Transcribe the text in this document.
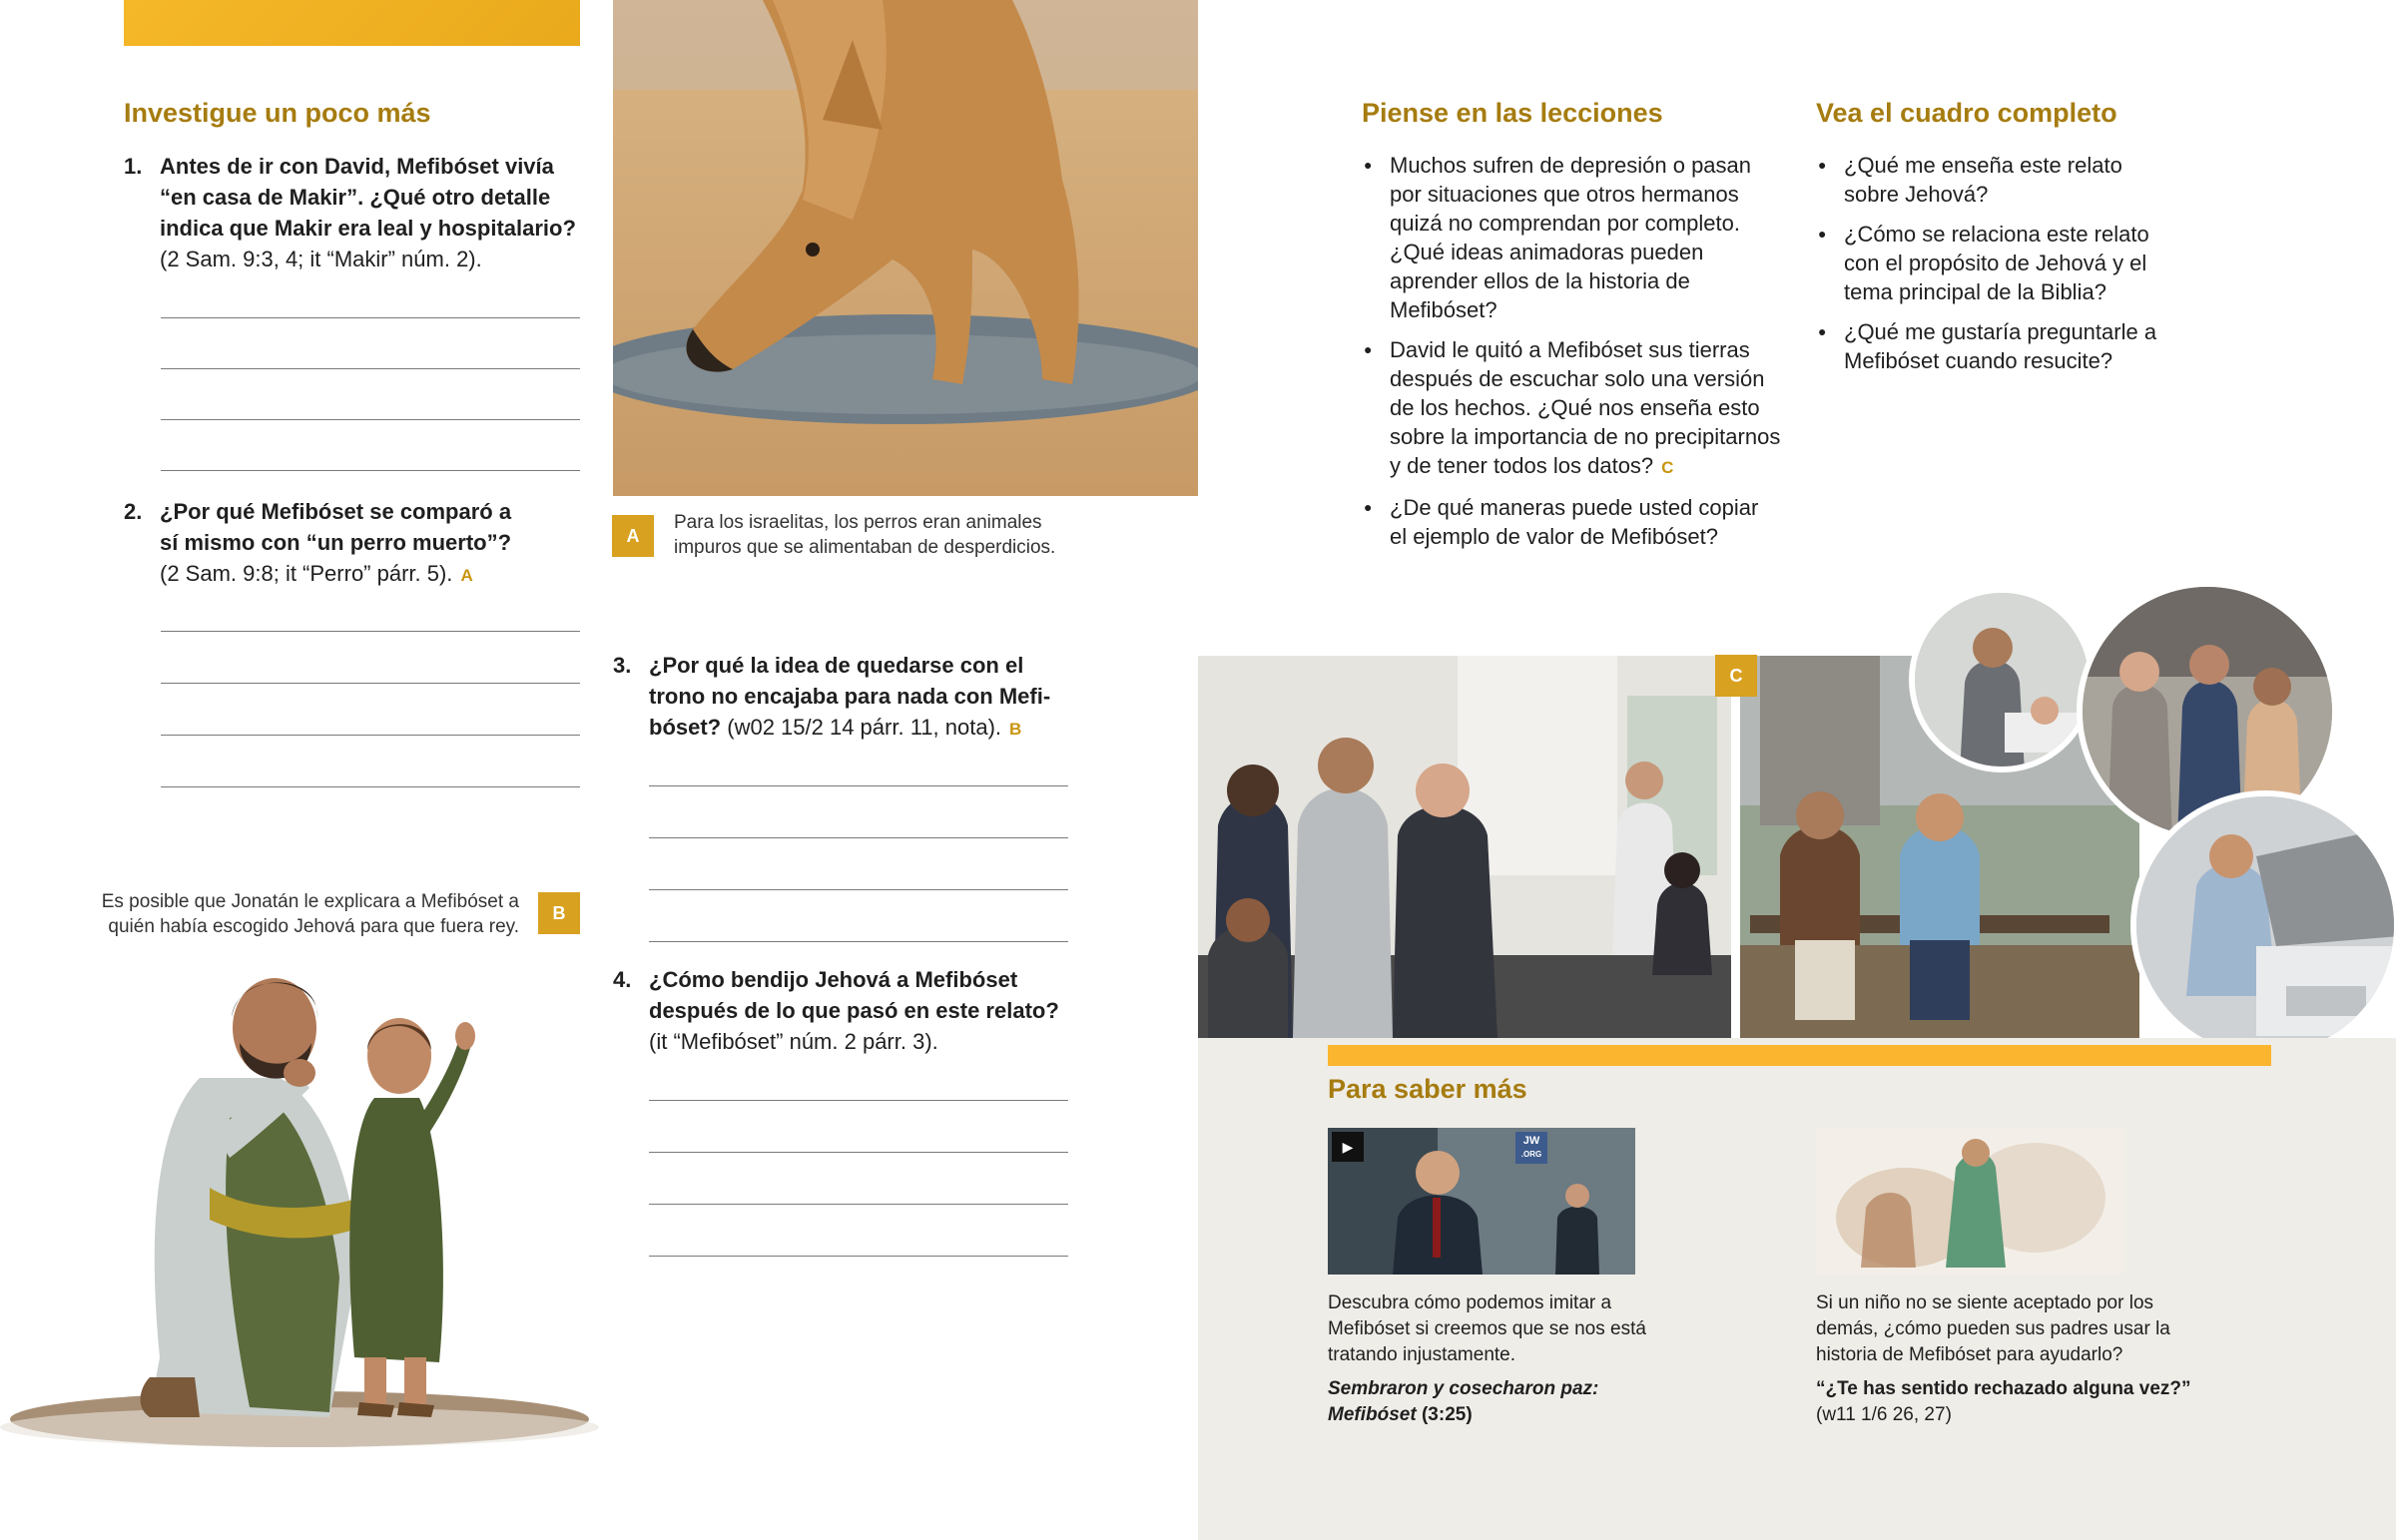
Investigue un poco más
1. Antes de ir con David, Mefibóset vivía “en casa de Makir”. ¿Qué otro detalle indica que Makir era leal y hospitalario? (2 Sam. 9:3, 4; it “Makir” núm. 2).
2. ¿Por qué Mefibóset se comparó a sí mismo con “un perro muerto”? (2 Sam. 9:8; it “Perro” párr. 5). A
Es posible que Jonatán le explicara a Mefibóset a quién había escogido Jehová para que fuera rey.
B
A
Para los israelitas, los perros eran animales impuros que se alimentaban de desperdicios.
3. ¿Por qué la idea de quedarse con el trono no encajaba para nada con Mefi-bóset? (w02 15/2 14 párr. 11, nota). B
4. ¿Cómo bendijo Jehová a Mefibóset después de lo que pasó en este relato? (it “Mefibóset” núm. 2 párr. 3).
Piense en las lecciones
● Muchos sufren de depresión o pasan por situaciones que otros hermanos quizá no comprendan por completo. ¿Qué ideas animadoras pueden aprender ellos de la historia de Mefibóset?
● David le quitó a Mefibóset sus tierras después de escuchar solo una versión de los hechos. ¿Qué nos enseña esto sobre la importancia de no precipitarnos y de tener todos los datos? C
● ¿De qué maneras puede usted copiar el ejemplo de valor de Mefibóset?
Vea el cuadro completo
● ¿Qué me enseña este relato sobre Jehová?
● ¿Cómo se relaciona este relato con el propósito de Jehová y el tema principal de la Biblia?
● ¿Qué me gustaría preguntarle a Mefibóset cuando resucite?
C
Para saber más
JW
.ORG
▶
Descubra cómo podemos imitar a Mefibóset si creemos que se nos está tratando injustamente.
Sembraron y cosecharon paz: Mefibóset (3:25)
Si un niño no se siente aceptado por los demás, ¿cómo pueden sus padres usar la historia de Mefibóset para ayudarlo?
“¿Te has sentido rechazado alguna vez?”
(w11 1/6 26, 27)
